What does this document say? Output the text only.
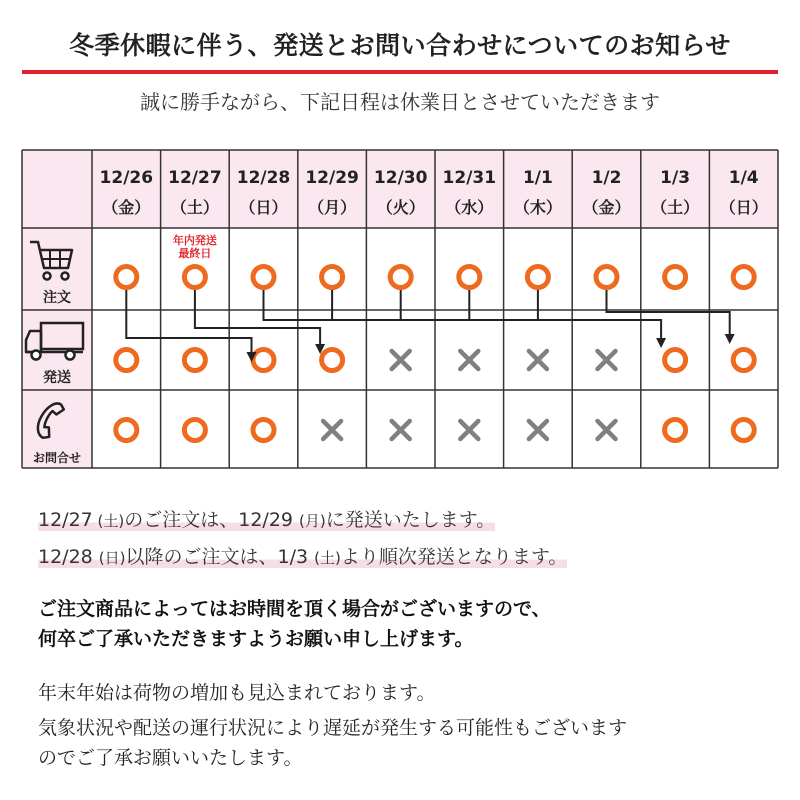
冬季休暇に伴う、発送とお問い合わせについてのお知らせ
誠に勝手ながら、下記日程は休業日とさせていただきます
12/26
（金）
12/27
（土）
12/28
（日）
12/29
（月）
12/30
（火）
12/31
（水）
1/1
（木）
1/2
（金）
1/3
（土）
1/4
（日）
注文
発送
お問合せ
年内発送
最終日
12/27 (土)のご注文は、12/29 (月)に発送いたします。
12/28 (日)以降のご注文は、1/3 (土)より順次発送となります。
ご注文商品によってはお時間を頂く場合がございますので、
何卒ご了承いただきますようお願い申し上げます。
年末年始は荷物の増加も見込まれております。
気象状況や配送の運行状況により遅延が発生する可能性もございます
のでご了承お願いいたします。
